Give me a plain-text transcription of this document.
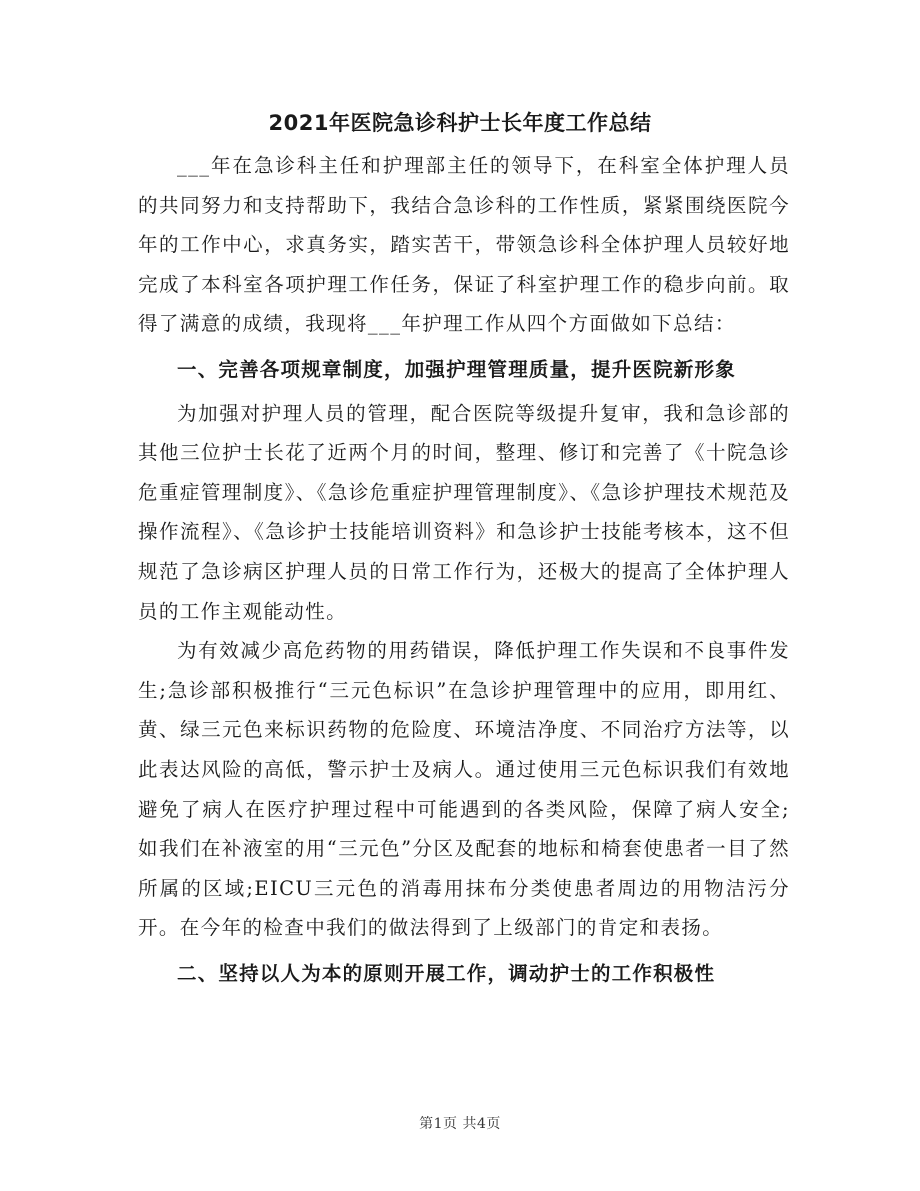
2021年医院急诊科护士长年度工作总结

___年在急诊科主任和护理部主任的领导下，在科室全体护理人员的共同努力和支持帮助下，我结合急诊科的工作性质，紧紧围绕医院今年的工作中心，求真务实，踏实苦干，带领急诊科全体护理人员较好地完成了本科室各项护理工作任务，保证了科室护理工作的稳步向前。取得了满意的成绩，我现将___年护理工作从四个方面做如下总结：

一、完善各项规章制度，加强护理管理质量，提升医院新形象

为加强对护理人员的管理，配合医院等级提升复审，我和急诊部的其他三位护士长花了近两个月的时间，整理、修订和完善了《十院急诊危重症管理制度》、《急诊危重症护理管理制度》、《急诊护理技术规范及操作流程》、《急诊护士技能培训资料》和急诊护士技能考核本，这不但规范了急诊病区护理人员的日常工作行为，还极大的提高了全体护理人员的工作主观能动性。

为有效减少高危药物的用药错误，降低护理工作失误和不良事件发生;急诊部积极推行“三元色标识”在急诊护理管理中的应用，即用红、黄、绿三元色来标识药物的危险度、环境洁净度、不同治疗方法等，以此表达风险的高低，警示护士及病人。通过使用三元色标识我们有效地避免了病人在医疗护理过程中可能遇到的各类风险，保障了病人安全;如我们在补液室的用“三元色”分区及配套的地标和椅套使患者一目了然所属的区域;EICU三元色的消毒用抹布分类使患者周边的用物洁污分开。在今年的检查中我们的做法得到了上级部门的肯定和表扬。

二、坚持以人为本的原则开展工作，调动护士的工作积极性

第1页 共4页
